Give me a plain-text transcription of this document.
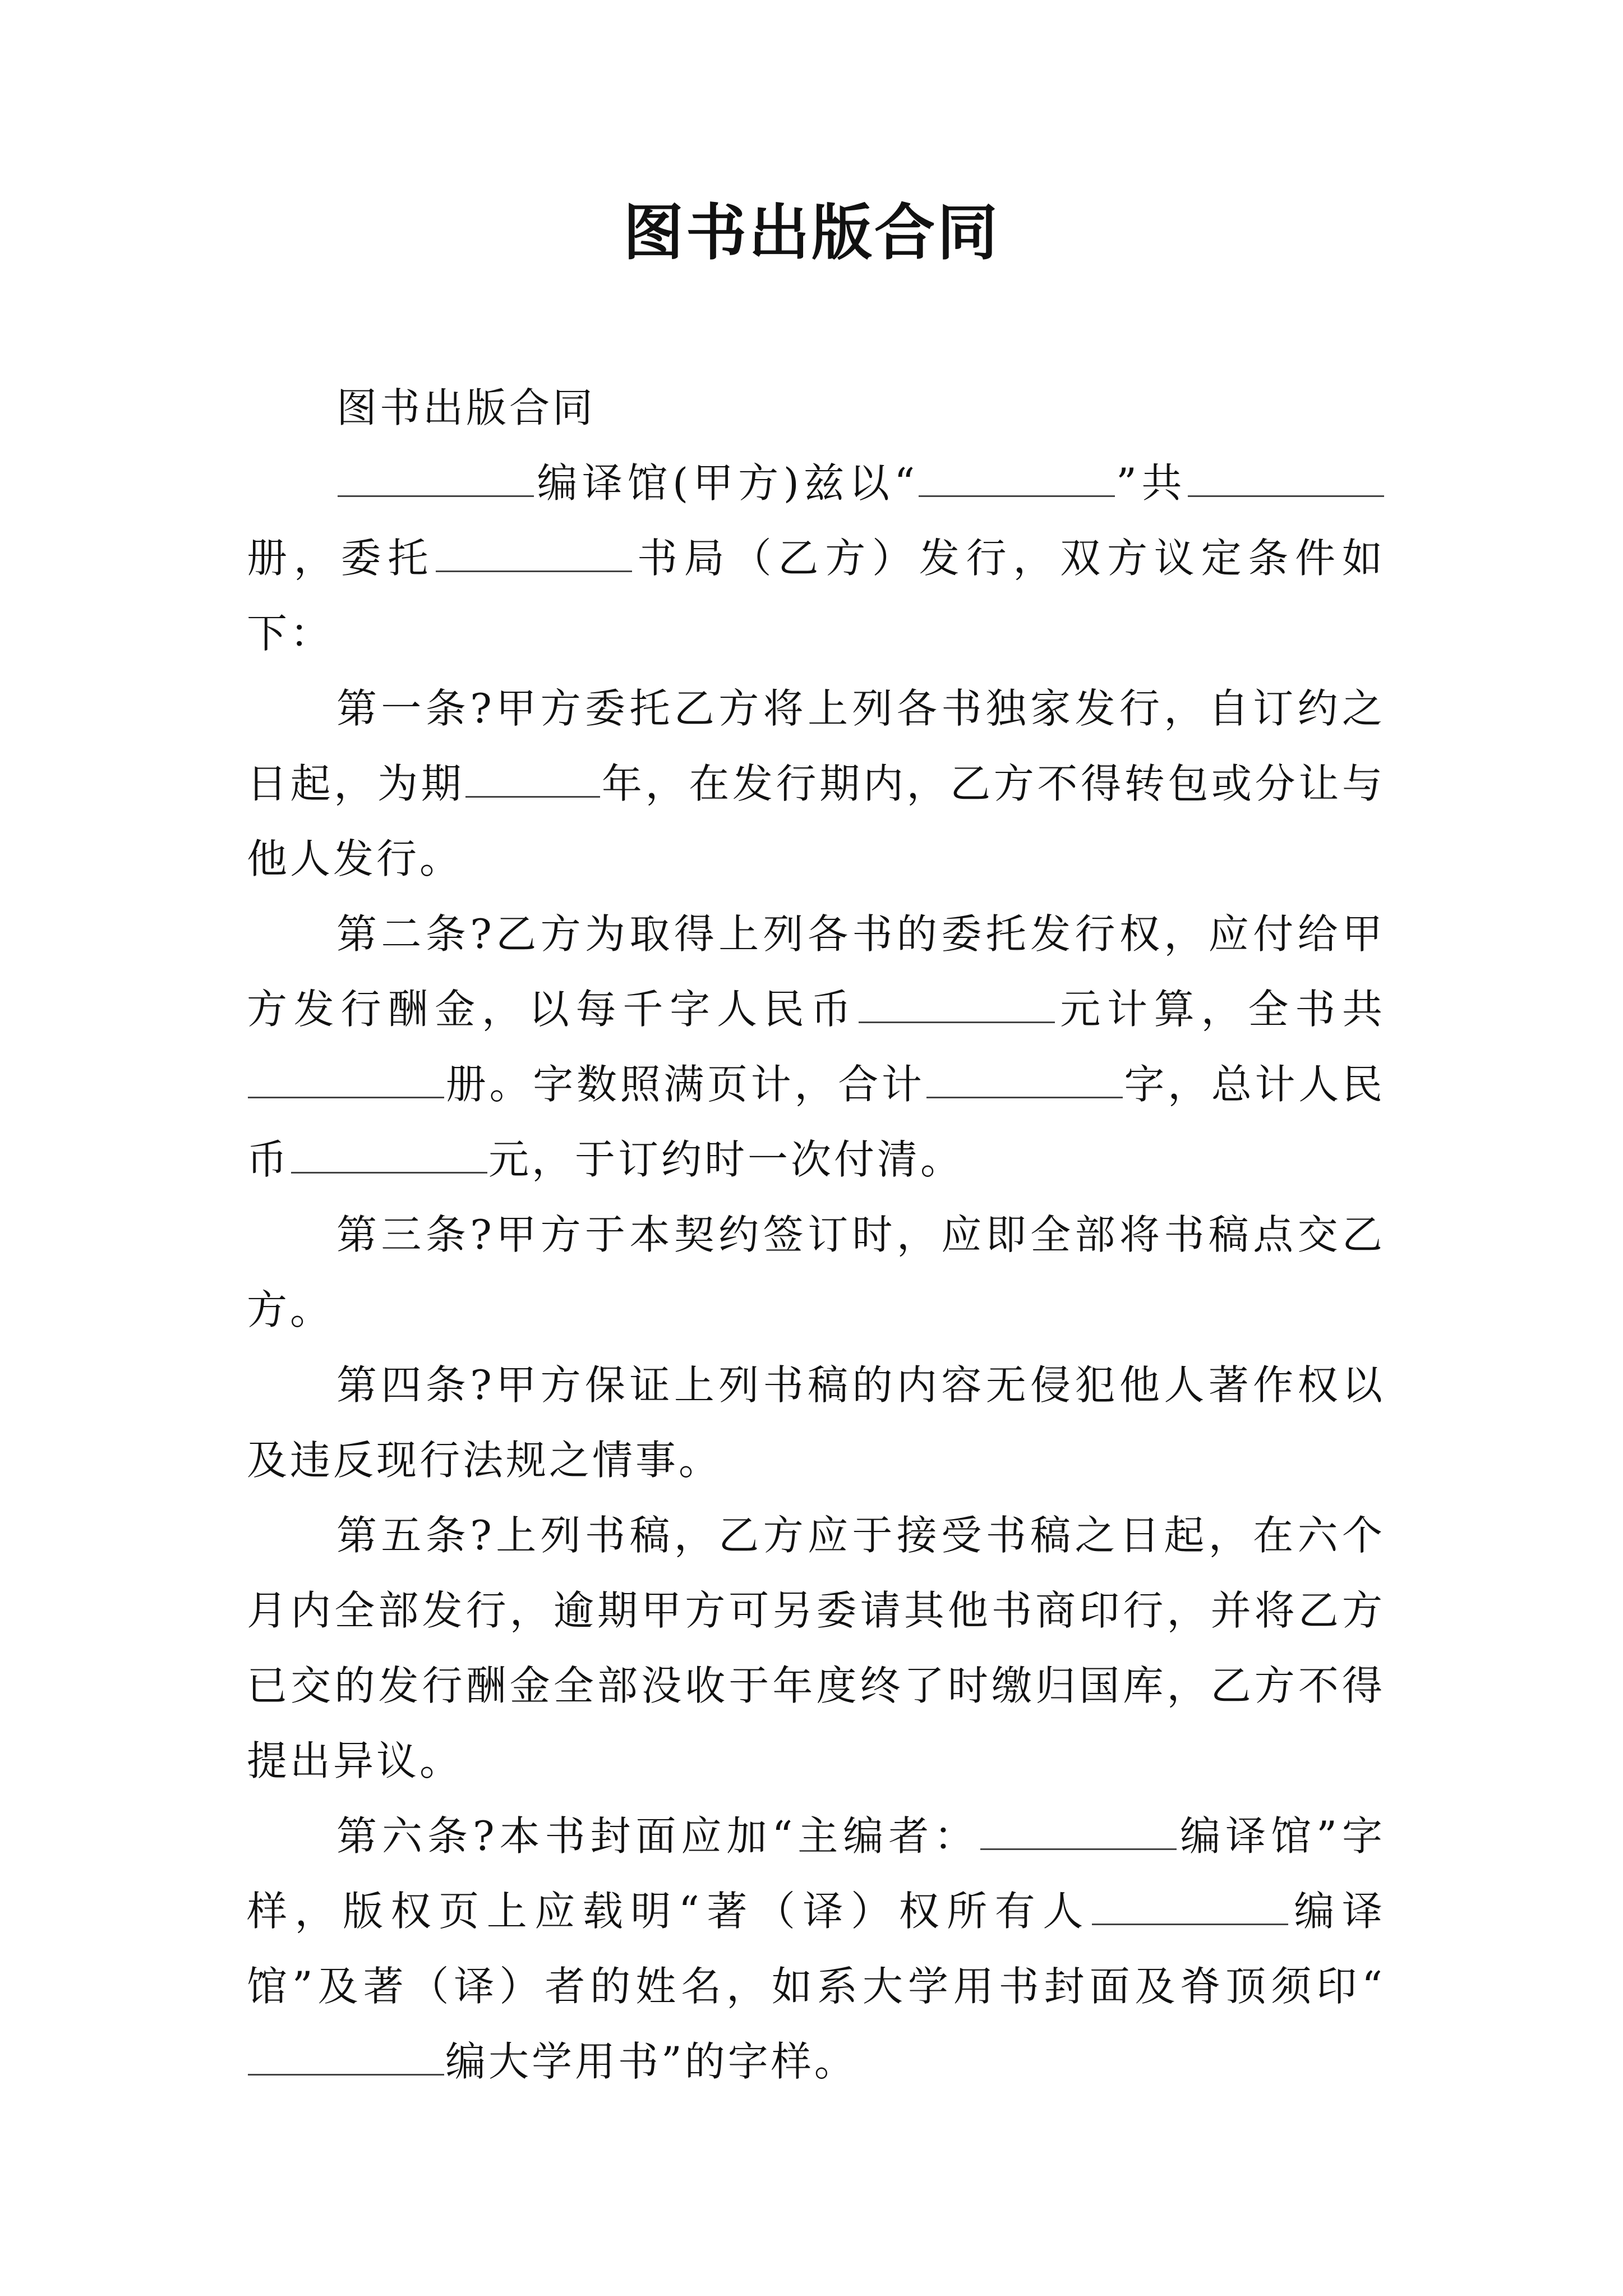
图书出版合同

图书出版合同

编译馆(甲方)兹以“	”共册，委托	书局（乙方）发行，双方议定条件如下：

第一条?甲方委托乙方将上列各书独家发行，自订约之日起，为期	年，在发行期内，乙方不得转包或分让与他人发行。

第二条?乙方为取得上列各书的委托发行权，应付给甲方发行酬金，以每千字人民币	元计算，全书共册。字数照满页计，合计	字，总计人民币	元，于订约时一次付清。

第三条?甲方于本契约签订时，应即全部将书稿点交乙方。

第四条?甲方保证上列书稿的内容无侵犯他人著作权以及违反现行法规之情事。

第五条?上列书稿，乙方应于接受书稿之日起，在六个月内全部发行，逾期甲方可另委请其他书商印行，并将乙方已交的发行酬金全部没收于年度终了时缴归国库，乙方不得提出异议。

第六条?本书封面应加“主编者：	编译馆”字样，版权页上应载明“著（译）权所有人	编译馆”及著（译）者的姓名，如系大学用书封面及脊顶须印“编大学用书”的字样。
